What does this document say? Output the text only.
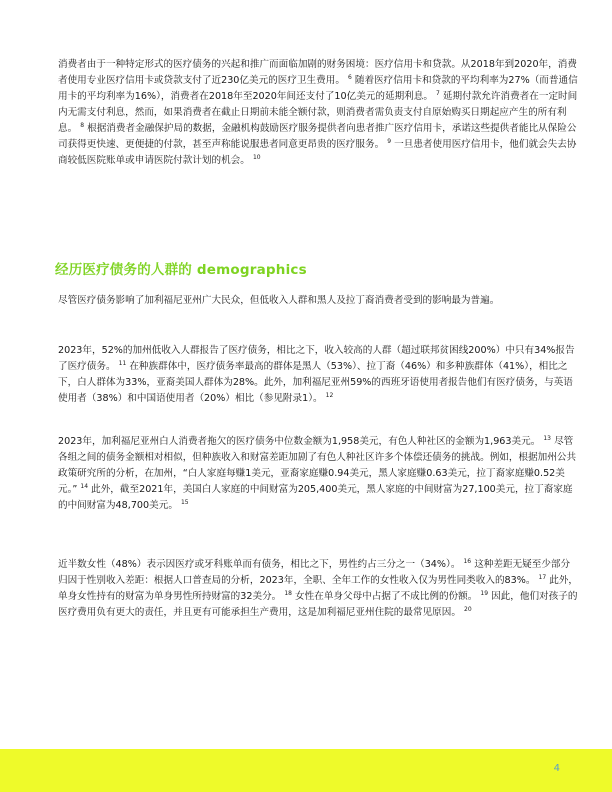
消费者由于一种特定形式的医疗债务的兴起和推广而面临加剧的财务困境：医疗信用卡和贷款。从2018年到2020年，消费者使用专业医疗信用卡或贷款支付了近230亿美元的医疗卫生费用。 $^6$ 随着医疗信用卡和贷款的平均利率为27%（而普通信用卡的平均利率为16%），消费者在2018年至2020年间还支付了10亿美元的延期利息。 $^7$ 延期付款允许消费者在一定时间内无需支付利息，然而，如果消费者在截止日期前未能全额付款，则消费者需负责支付自原始购买日期起应产生的所有利息。 $^8$ 根据消费者金融保护局的数据，金融机构鼓励医疗服务提供者向患者推广医疗信用卡，承诺这些提供者能比从保险公司获得更快速、更便捷的付款，甚至声称能说服患者同意更昂贵的医疗服务。 $^9$ 一旦患者使用医疗信用卡，他们就会失去协商较低医院账单或申请医院付款计划的机会。 $^{10}$

经历医疗债务的人群的 demographics

尽管医疗债务影响了加利福尼亚州广大民众，但低收入人群和黑人及拉丁裔消费者受到的影响最为普遍。

2023年，52%的加州低收入人群报告了医疗债务，相比之下，收入较高的人群（超过联邦贫困线200%）中只有34%报告了医疗债务。 $^{11}$ 在种族群体中，医疗债务率最高的群体是黑人（53%）、拉丁裔（46%）和多种族群体（41%），相比之下，白人群体为33%，亚裔美国人群体为28%。此外，加利福尼亚州59%的西班牙语使用者报告他们有医疗债务，与英语使用者（38%）和中国语使用者（20%）相比（参见附录1）。 $^{12}$

2023年，加利福尼亚州白人消费者拖欠的医疗债务中位数金额为1,958美元，有色人种社区的金额为1,963美元。 $^{13}$ 尽管各组之间的债务金额相对相似，但种族收入和财富差距加剧了有色人种社区许多个体偿还债务的挑战。例如，根据加州公共政策研究所的分析，在加州，“白人家庭每赚1美元，亚裔家庭赚0.94美元，黑人家庭赚0.63美元，拉丁裔家庭赚0.52美元。” $^{14}$ 此外，截至2021年，美国白人家庭的中间财富为205,400美元，黑人家庭的中间财富为27,100美元，拉丁裔家庭的中间财富为48,700美元。 $^{15}$

近半数女性（48%）表示因医疗或牙科账单而有债务，相比之下，男性约占三分之一（34%）。 $^{16}$ 这种差距无疑至少部分归因于性别收入差距：根据人口普查局的分析，2023年，全职、全年工作的女性收入仅为男性同类收入的83%。 $^{17}$ 此外，单身女性持有的财富为单身男性所持财富的32美分。 $^{18}$ 女性在单身父母中占据了不成比例的份额。 $^{19}$ 因此，他们对孩子的医疗费用负有更大的责任，并且更有可能承担生产费用，这是加利福尼亚州住院的最常见原因。 $^{20}$

4
